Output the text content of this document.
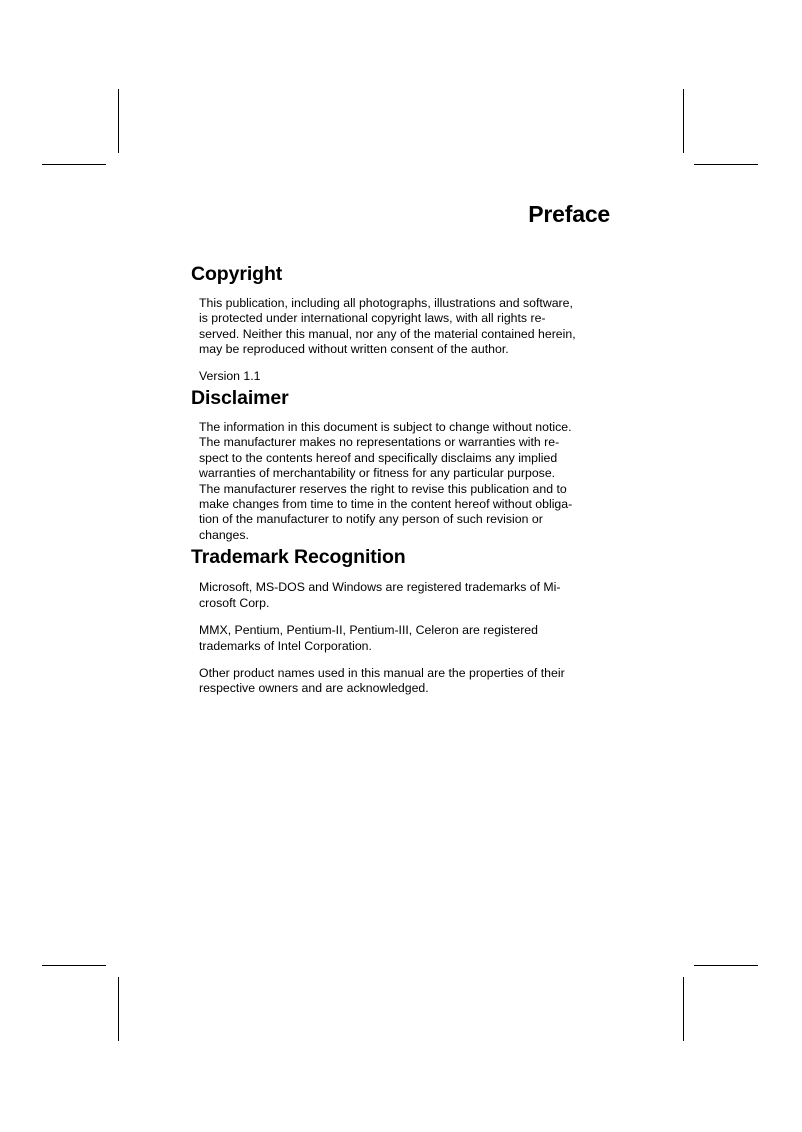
Preface
Copyright

This publication, including all photographs, illustrations and software,
is protected under international copyright laws, with all rights re-
served. Neither this manual, nor any of the material contained herein,
may be reproduced without written consent of the author.

Version 1.1

Disclaimer

The information in this document is subject to change without notice.
The manufacturer makes no representations or warranties with re-
spect to the contents hereof and specifically disclaims any implied
warranties of merchantability or fitness for any particular purpose.
The manufacturer reserves the right to revise this publication and to
make changes from time to time in the content hereof without obliga-
tion of the manufacturer to notify any person of such revision or
changes.

Trademark Recognition

Microsoft, MS-DOS and Windows are registered trademarks of Mi-
crosoft Corp.

MMX, Pentium, Pentium-II, Pentium-III, Celeron are registered
trademarks of Intel Corporation.

Other product names used in this manual are the properties of their
respective owners and are acknowledged.
